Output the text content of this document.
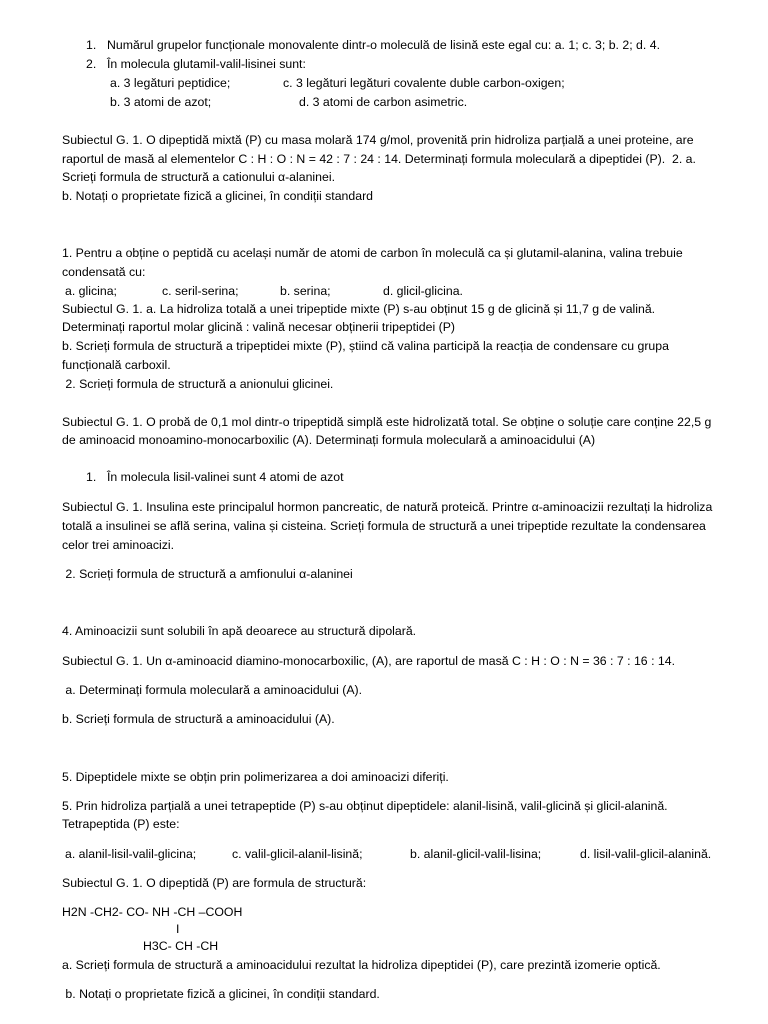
1. Numărul grupelor funcționale monovalente dintr-o moleculă de lisină este egal cu: a. 1; c. 3; b. 2; d. 4.
2. În molecula glutamil-valil-lisinei sunt:
a. 3 legături peptidice;	c. 3 legături legături covalente duble carbon-oxigen;
b. 3 atomi de azot;	d. 3 atomi de carbon asimetric.
Subiectul G. 1. O dipeptidă mixtă (P) cu masa molară 174 g/mol, provenită prin hidroliza parțială a unei proteine, are
raportul de masă al elementelor C : H : O : N = 42 : 7 : 24 : 14. Determinați formula moleculară a dipeptidei (P).  2. a.
Scrieți formula de structură a cationului α-alaninei.
b. Notați o proprietate fizică a glicinei, în condiții standard
1. Pentru a obține o peptidă cu același număr de atomi de carbon în moleculă ca și glutamil-alanina, valina trebuie
condensată cu:
a. glicina;	c. seril-serina;	b. serina;	d. glicil-glicina.
Subiectul G. 1. a. La hidroliza totală a unei tripeptide mixte (P) s-au obținut 15 g de glicină și 11,7 g de valină.
Determinați raportul molar glicină : valină necesar obținerii tripeptidei (P)
b. Scrieți formula de structură a tripeptidei mixte (P), știind că valina participă la reacția de condensare cu grupa
funcțională carboxil.
2. Scrieți formula de structură a anionului glicinei.
Subiectul G. 1. O probă de 0,1 mol dintr-o tripeptidă simplă este hidrolizată total. Se obține o soluție care conține 22,5 g
de aminoacid monoamino-monocarboxilic (A). Determinați formula moleculară a aminoacidului (A)
1. În molecula lisil-valinei sunt 4 atomi de azot
Subiectul G. 1. Insulina este principalul hormon pancreatic, de natură proteică. Printre α-aminoacizii rezultați la hidroliza
totală a insulinei se află serina, valina și cisteina. Scrieți formula de structură a unei tripeptide rezultate la condensarea
celor trei aminoacizi.
2. Scrieți formula de structură a amfionului α-alaninei
4. Aminoacizii sunt solubili în apă deoarece au structură dipolară.
Subiectul G. 1. Un α-aminoacid diamino-monocarboxilic, (A), are raportul de masă C : H : O : N = 36 : 7 : 16 : 14.
a. Determinați formula moleculară a aminoacidului (A).
b. Scrieți formula de structură a aminoacidului (A).
5. Dipeptidele mixte se obțin prin polimerizarea a doi aminoacizi diferiți.
5. Prin hidroliza parțială a unei tetrapeptide (P) s-au obținut dipeptidele: alanil-lisină, valil-glicină și glicil-alanină.
Tetrapeptida (P) este:
a. alanil-lisil-valil-glicina;	c. valil-glicil-alanil-lisină;	b. alanil-glicil-valil-lisina;	d. lisil-valil-glicil-alanină.
Subiectul G. 1. O dipeptidă (P) are formula de structură:
H2N -CH2- CO- NH -CH –COOH
I
H3C- CH -CH
a. Scrieți formula de structură a aminoacidului rezultat la hidroliza dipeptidei (P), care prezintă izomerie optică.
b. Notați o proprietate fizică a glicinei, în condiții standard.
